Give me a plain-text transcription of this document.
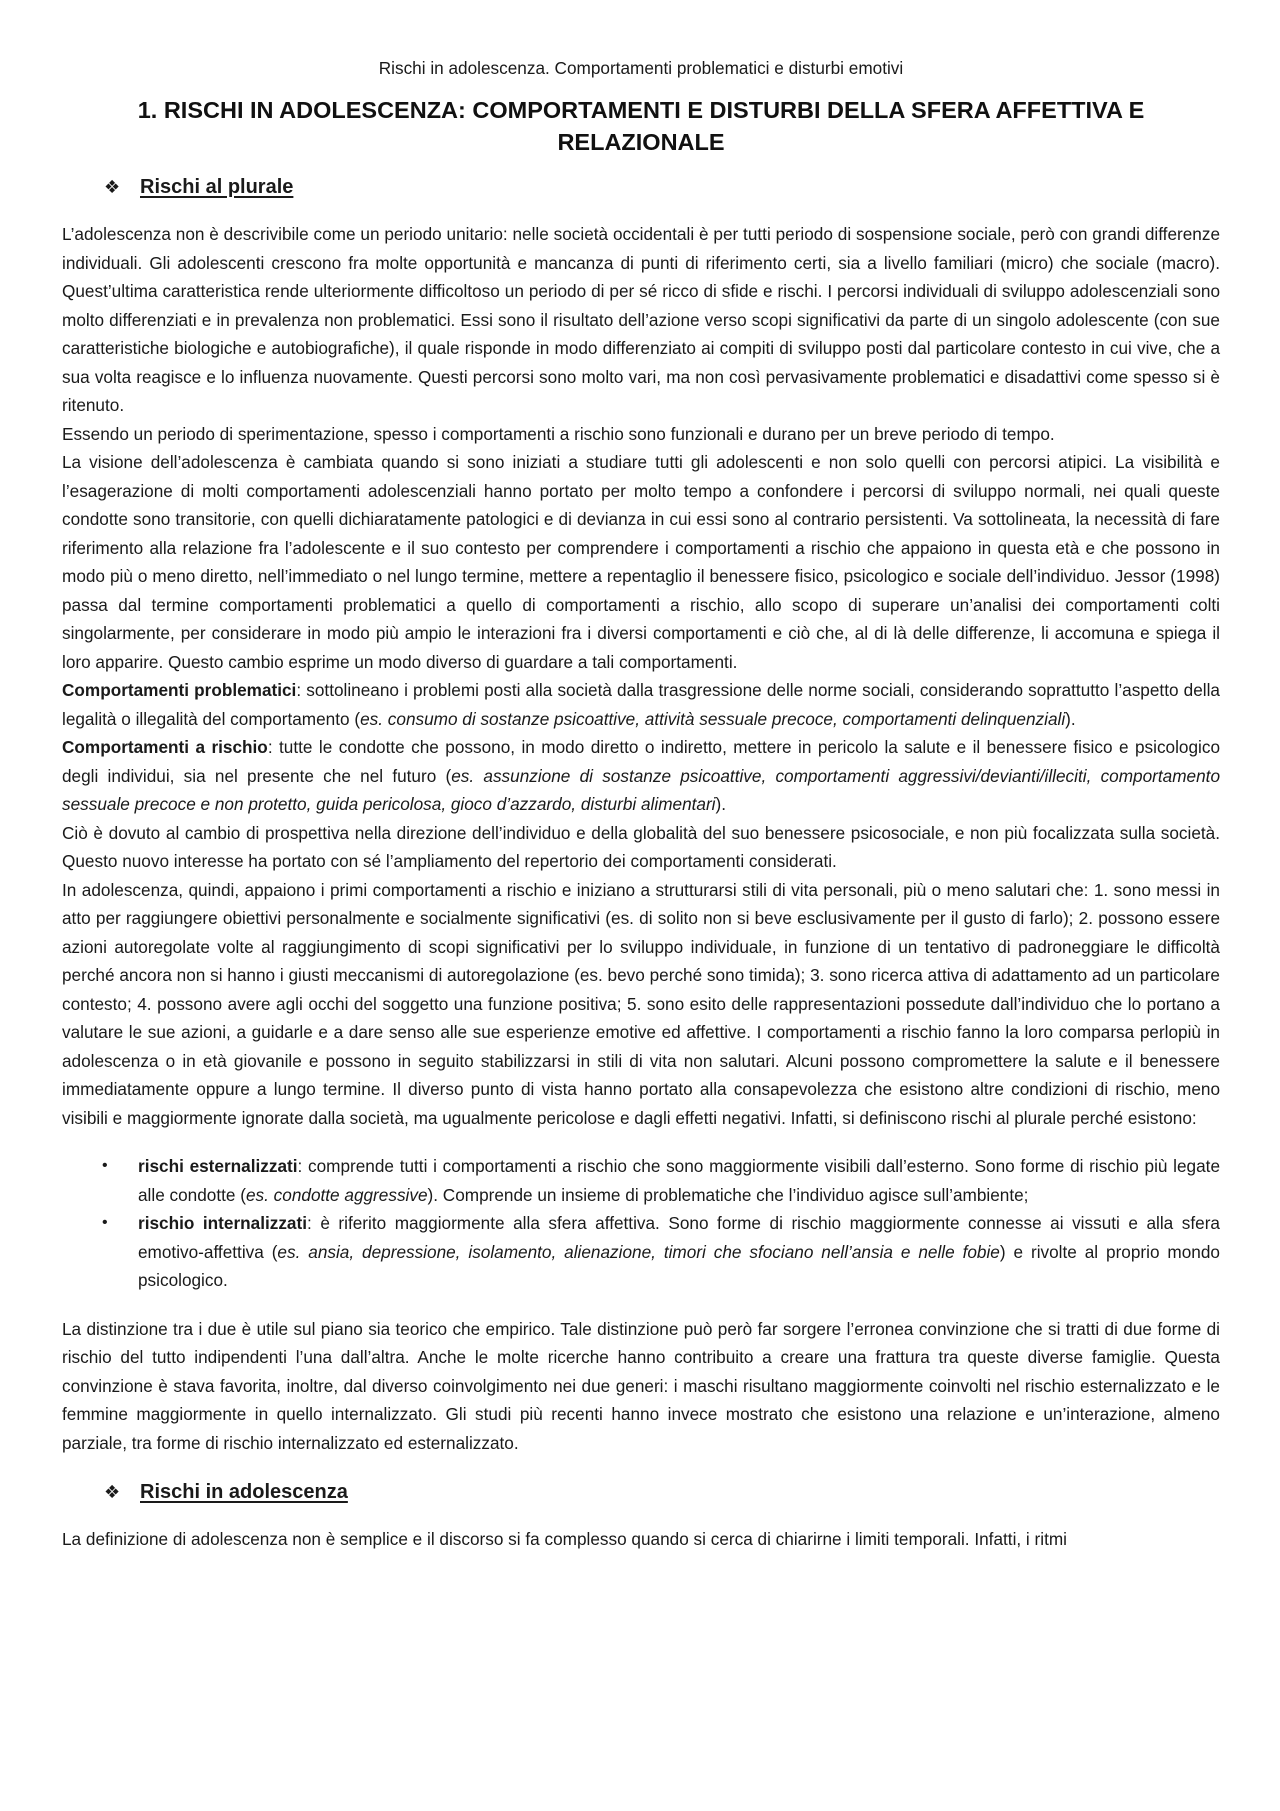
Rischi in adolescenza. Comportamenti problematici e disturbi emotivi
1. RISCHI IN ADOLESCENZA: COMPORTAMENTI E DISTURBI DELLA SFERA AFFETTIVA E RELAZIONALE
❖ Rischi al plurale

L’adolescenza non è descrivibile come un periodo unitario: nelle società occidentali è per tutti periodo di sospensione sociale, però con grandi differenze individuali. Gli adolescenti crescono fra molte opportunità e mancanza di punti di riferimento certi, sia a livello familiari (micro) che sociale (macro). Quest’ultima caratteristica rende ulteriormente difficoltoso un periodo di per sé ricco di sfide e rischi. I percorsi individuali di sviluppo adolescenziali sono molto differenziati e in prevalenza non problematici. Essi sono il risultato dell’azione verso scopi significativi da parte di un singolo adolescente (con sue caratteristiche biologiche e autobiografiche), il quale risponde in modo differenziato ai compiti di sviluppo posti dal particolare contesto in cui vive, che a sua volta reagisce e lo influenza nuovamente. Questi percorsi sono molto vari, ma non così pervasivamente problematici e disadattivi come spesso si è ritenuto.

Essendo un periodo di sperimentazione, spesso i comportamenti a rischio sono funzionali e durano per un breve periodo di tempo.

La visione dell’adolescenza è cambiata quando si sono iniziati a studiare tutti gli adolescenti e non solo quelli con percorsi atipici. La visibilità e l’esagerazione di molti comportamenti adolescenziali hanno portato per molto tempo a confondere i percorsi di sviluppo normali, nei quali queste condotte sono transitorie, con quelli dichiaratamente patologici e di devianza in cui essi sono al contrario persistenti. Va sottolineata, la necessità di fare riferimento alla relazione fra l’adolescente e il suo contesto per comprendere i comportamenti a rischio che appaiono in questa età e che possono in modo più o meno diretto, nell’immediato o nel lungo termine, mettere a repentaglio il benessere fisico, psicologico e sociale dell’individuo. Jessor (1998) passa dal termine comportamenti problematici a quello di comportamenti a rischio, allo scopo di superare un’analisi dei comportamenti colti singolarmente, per considerare in modo più ampio le interazioni fra i diversi comportamenti e ciò che, al di là delle differenze, li accomuna e spiega il loro apparire. Questo cambio esprime un modo diverso di guardare a tali comportamenti.

Comportamenti problematici: sottolineano i problemi posti alla società dalla trasgressione delle norme sociali, considerando soprattutto l’aspetto della legalità o illegalità del comportamento (es. consumo di sostanze psicoattive, attività sessuale precoce, comportamenti delinquenziali).

Comportamenti a rischio: tutte le condotte che possono, in modo diretto o indiretto, mettere in pericolo la salute e il benessere fisico e psicologico degli individui, sia nel presente che nel futuro (es. assunzione di sostanze psicoattive, comportamenti aggressivi/devianti/illeciti, comportamento sessuale precoce e non protetto, guida pericolosa, gioco d’azzardo, disturbi alimentari).

Ciò è dovuto al cambio di prospettiva nella direzione dell’individuo e della globalità del suo benessere psicosociale, e non più focalizzata sulla società. Questo nuovo interesse ha portato con sé l’ampliamento del repertorio dei comportamenti considerati.

In adolescenza, quindi, appaiono i primi comportamenti a rischio e iniziano a strutturarsi stili di vita personali, più o meno salutari che: 1. sono messi in atto per raggiungere obiettivi personalmente e socialmente significativi (es. di solito non si beve esclusivamente per il gusto di farlo); 2. possono essere azioni autoregolate volte al raggiungimento di scopi significativi per lo sviluppo individuale, in funzione di un tentativo di padroneggiare le difficoltà perché ancora non si hanno i giusti meccanismi di autoregolazione (es. bevo perché sono timida); 3. sono ricerca attiva di adattamento ad un particolare contesto; 4. possono avere agli occhi del soggetto una funzione positiva; 5. sono esito delle rappresentazioni possedute dall’individuo che lo portano a valutare le sue azioni, a guidarle e a dare senso alle sue esperienze emotive ed affettive. I comportamenti a rischio fanno la loro comparsa perlopiù in adolescenza o in età giovanile e possono in seguito stabilizzarsi in stili di vita non salutari. Alcuni possono compromettere la salute e il benessere immediatamente oppure a lungo termine. Il diverso punto di vista hanno portato alla consapevolezza che esistono altre condizioni di rischio, meno visibili e maggiormente ignorate dalla società, ma ugualmente pericolose e dagli effetti negativi. Infatti, si definiscono rischi al plurale perché esistono:

•	rischi esternalizzati: comprende tutti i comportamenti a rischio che sono maggiormente visibili dall’esterno. Sono forme di rischio più legate alle condotte (es. condotte aggressive). Comprende un insieme di problematiche che l’individuo agisce sull’ambiente;
•	rischio internalizzati: è riferito maggiormente alla sfera affettiva. Sono forme di rischio maggiormente connesse ai vissuti e alla sfera emotivo-affettiva (es. ansia, depressione, isolamento, alienazione, timori che sfociano nell’ansia e nelle fobie) e rivolte al proprio mondo psicologico.

La distinzione tra i due è utile sul piano sia teorico che empirico. Tale distinzione può però far sorgere l’erronea convinzione che si tratti di due forme di rischio del tutto indipendenti l’una dall’altra. Anche le molte ricerche hanno contribuito a creare una frattura tra queste diverse famiglie. Questa convinzione è stava favorita, inoltre, dal diverso coinvolgimento nei due generi: i maschi risultano maggiormente coinvolti nel rischio esternalizzato e le femmine maggiormente in quello internalizzato. Gli studi più recenti hanno invece mostrato che esistono una relazione e un’interazione, almeno parziale, tra forme di rischio internalizzato ed esternalizzato.

❖ Rischi in adolescenza

La definizione di adolescenza non è semplice e il discorso si fa complesso quando si cerca di chiarirne i limiti temporali. Infatti, i ritmi
